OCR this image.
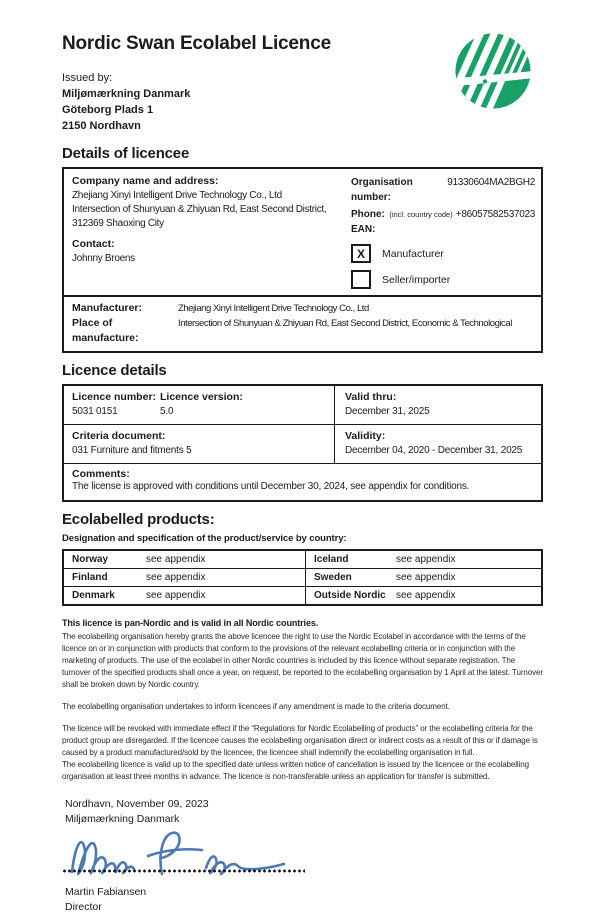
Nordic Swan Ecolabel Licence
Issued by:
Miljømærkning Danmark
Göteborg Plads 1
2150 Nordhavn
Details of licencee
Company name and address:
Zhejiang Xinyi Intelligent Drive Technology Co., Ltd
Intersection of Shunyuan & Zhiyuan Rd, East Second District,
312369 Shaoxing City
Contact:
Johnny Broens
Organisation number:
91330604MA2BGH2
Phone: (incl. country code) +86057582537023
EAN:
X Manufacturer
Seller/importer
Manufacturer:	Zhejiang Xinyi Intelligent Drive Technology Co., Ltd
Place of manufacture:
Intersection of Shunyuan & Zhiyuan Rd, East Second District, Economic & Technological
Licence details
Licence number:
5031 0151
Licence version:
5.0
Valid thru:
December 31, 2025
Criteria document:
031 Furniture and fitments 5
Validity:
December 04, 2020 - December 31, 2025
Comments:
The license is approved with conditions until December 30, 2024, see appendix for conditions.
Ecolabelled products:
Designation and specification of the product/service by country:
Norway	see appendix	Iceland	see appendix
Finland	see appendix	Sweden	see appendix
Denmark	see appendix	Outside Nordic	see appendix
This licence is pan-Nordic and is valid in all Nordic countries.

The ecolabelling organisation hereby grants the above licencee the right to use the Nordic Ecolabel in accordance with the terms of the licence on or in conjunction with products that conform to the provisions of the relevant ecolabelling criteria or in conjunction with the marketing of products. The use of the ecolabel in other Nordic countries is included by this licence without separate registration. The turnover of the specified products shall once a year, on request, be reported to the ecolabelling organisation by 1 April at the latest. Turnover shall be broken down by Nordic country.

The ecolabelling organisation undertakes to inform licencees if any amendment is made to the criteria document.

The licence will be revoked with immediate effect if the “Regulations for Nordic Ecolabelling of products” or the ecolabelling criteria for the product group are disregarded. If the licencee causes the ecolabelling organisation direct or indirect costs as a result of this or if damage is caused by a product manufactured/sold by the licencee, the licencee shall indemnify the ecolabelling organisation in full.

The ecolabelling licence is valid up to the specified date unless written notice of cancellation is issued by the licencee or the ecolabelling organisation at least three months in advance. The licence is non-transferable unless an application for transfer is submitted.

Nordhavn, November 09, 2023
Miljømærkning Danmark
Martin Fabiansen
Director
